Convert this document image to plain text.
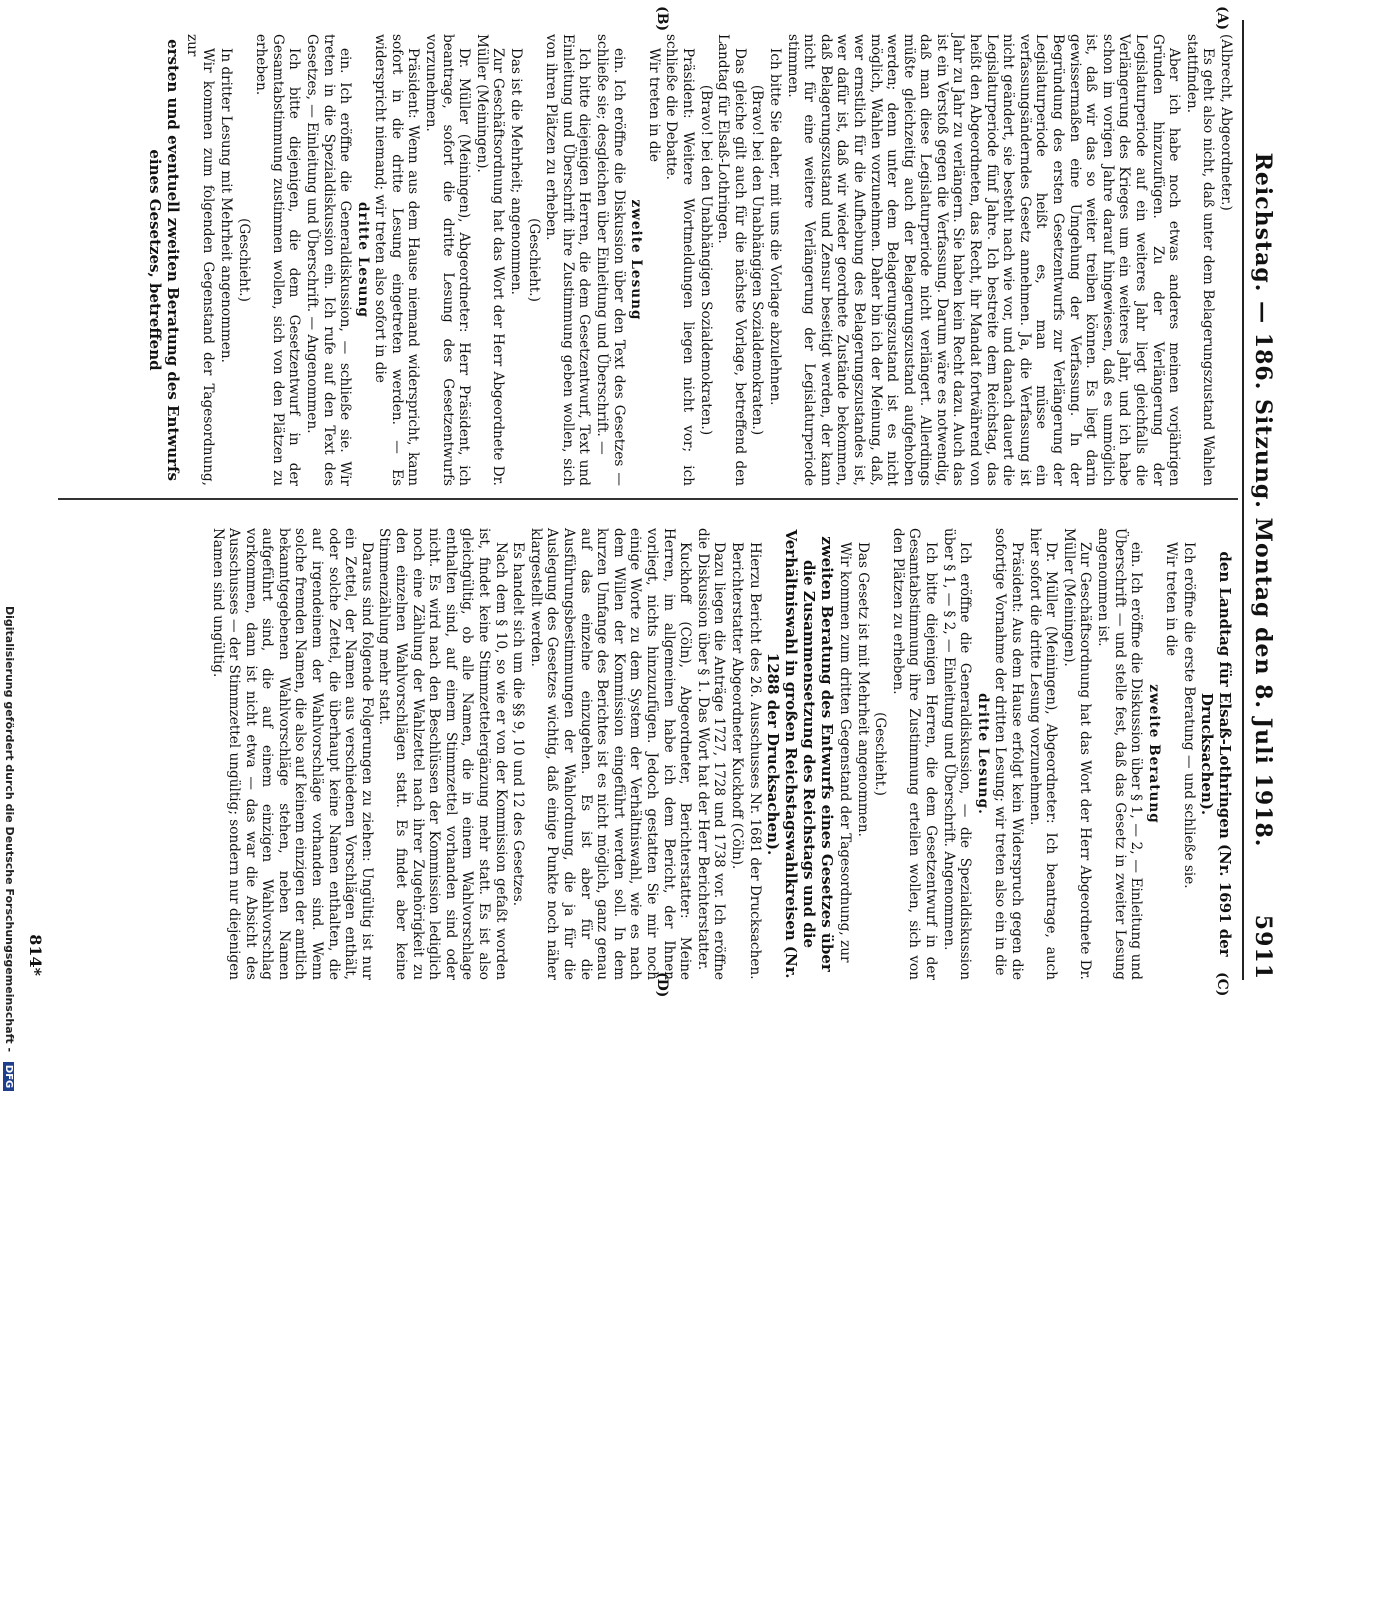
Reichstag. — 186. Sitzung. Montag den 8. Juli 1918.
5911
(A)
(B)
(C)
(D)

(Albrecht, Abgeordneter.)

Es geht also nicht, daß unter dem Belagerungszustand Wahlen stattfinden.

Aber ich habe noch etwas anderes meinen vorjährigen Gründen hinzuzufügen. Zu der Verlängerung der Legislaturperiode auf ein weiteres Jahr liegt gleichfalls die Verlängerung des Krieges um ein weiteres Jahr, und ich habe schon im vorigen Jahre darauf hingewiesen, daß es unmöglich ist, daß wir das so weiter treiben können. Es liegt darin gewissermaßen eine Umgehung der Verfassung. In der Begründung des ersten Gesetzentwurfs zur Verlängerung der Legislaturperiode heißt es, man müsse ein verfassungsänderndes Gesetz annehmen. Ja, die Verfassung ist nicht geändert, sie besteht nach wie vor, und danach dauert die Legislaturperiode fünf Jahre. Ich bestreite dem Reichstag, das heißt den Abgeordneten, das Recht, ihr Mandat fortwährend von Jahr zu Jahr zu verlängern. Sie haben kein Recht dazu. Auch das ist ein Verstoß gegen die Verfassung. Darum wäre es notwendig, daß man diese Legislaturperiode nicht verlängert. Allerdings müßte gleichzeitig auch der Belagerungszustand aufgehoben werden; denn unter dem Belagerungszustand ist es nicht möglich, Wahlen vorzunehmen. Daher bin ich der Meinung, daß, wer ernstlich für die Aufhebung des Belagerungszustandes ist, wer dafür ist, daß wir wieder geordnete Zustände bekommen, daß Belagerungszustand und Zensur beseitigt werden, der kann nicht für eine weitere Verlängerung der Legislaturperiode stimmen.

Ich bitte Sie daher, mit uns die Vorlage abzulehnen.

(Bravo! bei den Unabhängigen Sozialdemokraten.)

Das gleiche gilt auch für die nächste Vorlage, betreffend den Landtag für Elsaß-Lothringen.

(Bravo! bei den Unabhängigen Sozialdemokraten.)

Präsident: Weitere Wortmeldungen liegen nicht vor; ich schließe die Debatte.

Wir treten in die

zweite Lesung

ein. Ich eröffne die Diskussion über den Text des Gesetzes — schließe sie; desgleichen über Einleitung und Überschrift. —

Ich bitte diejenigen Herren, die dem Gesetzentwurf, Text und Einleitung und Überschrift ihre Zustimmung geben wollen, sich von ihren Plätzen zu erheben.

(Geschieht.)

Das ist die Mehrheit; angenommen.

Zur Geschäftsordnung hat das Wort der Herr Abgeordnete Dr. Müller (Meiningen).

Dr. Müller (Meiningen), Abgeordneter: Herr Präsident, ich beantrage, sofort die dritte Lesung des Gesetzentwurfs vorzunehmen.

Präsident: Wenn aus dem Hause niemand widerspricht, kann sofort in die dritte Lesung eingetreten werden. — Es widerspricht niemand; wir treten also sofort in die

dritte Lesung

ein. Ich eröffne die Generaldiskussion, — schließe sie. Wir treten in die Spezialdiskussion ein. Ich rufe auf den Text des Gesetzes, — Einleitung und Überschrift. — Angenommen.

Ich bitte diejenigen, die dem Gesetzentwurf in der Gesamtabstimmung zustimmen wollen, sich von den Plätzen zu erheben.

(Geschieht.)

In dritter Lesung mit Mehrheit angenommen.

Wir kommen zum folgenden Gegenstand der Tagesordnung, zur

ersten und eventuell zweiten Beratung des Entwurfs eines Gesetzes, betreffend

den Landtag für Elsaß-Lothringen (Nr. 1691 der Drucksachen).

Ich eröffne die erste Beratung — und schließe sie.

Wir treten in die

zweite Beratung

ein. Ich eröffne die Diskussion über § 1, — 2, — Einleitung und Überschrift — und stelle fest, daß das Gesetz in zweiter Lesung angenommen ist.

Zur Geschäftsordnung hat das Wort der Herr Abgeordnete Dr. Müller (Meiningen).

Dr. Müller (Meiningen), Abgeordneter: Ich beantrage, auch hier sofort die dritte Lesung vorzunehmen.

Präsident: Aus dem Hause erfolgt kein Widerspruch gegen die sofortige Vornahme der dritten Lesung; wir treten also ein in die

dritte Lesung.

Ich eröffne die Generaldiskussion, — die Spezialdiskussion über § 1, — § 2, — Einleitung und Überschrift. Angenommen.

Ich bitte diejenigen Herren, die dem Gesetzentwurf in der Gesamtabstimmung ihre Zustimmung erteilen wollen, sich von den Plätzen zu erheben.

(Geschieht.)

Das Gesetz ist mit Mehrheit angenommen.

Wir kommen zum dritten Gegenstand der Tagesordnung, zur

zweiten Beratung des Entwurfs eines Gesetzes über die Zusammensetzung des Reichstags und die Verhältniswahl in großen Reichstagswahlkreisen (Nr. 1288 der Drucksachen).

Hierzu Bericht des 26. Ausschusses Nr. 1681 der Drucksachen.

Berichterstatter Abgeordneter Kuckhoff (Cöln).

Dazu liegen die Anträge 1727, 1728 und 1738 vor. Ich eröffne die Diskussion über § 1. Das Wort hat der Herr Berichterstatter.

Kuckhoff (Cöln), Abgeordneter, Berichterstatter: Meine Herren, im allgemeinen habe ich dem Bericht, der Ihnen vorliegt, nichts hinzuzufügen. Jedoch gestatten Sie mir noch einige Worte zu dem System der Verhältniswahl, wie es nach dem Willen der Kommission eingeführt werden soll. In dem kurzen Umfange des Berichtes ist es nicht möglich, ganz genau auf das einzelne einzugehen. Es ist aber für die Ausführungsbestimmungen der Wahlordnung, die ja für die Auslegung des Gesetzes wichtig, daß einige Punkte noch näher klargestellt werden.

Es handelt sich um die §§ 9, 10 und 12 des Gesetzes.

Nach dem § 10, so wie er von der Kommission gefaßt worden ist, findet keine Stimmzettelergänzung mehr statt. Es ist also gleichgültig, ob alle Namen, die in einem Wahlvorschlage enthalten sind, auf einem Stimmzettel vorhanden sind oder nicht. Es wird nach den Beschlüssen der Kommission lediglich noch eine Zählung der Wahlzettel nach ihrer Zugehörigkeit zu den einzelnen Wahlvorschlägen statt. Es findet aber keine Stimmenzählung mehr statt.

Daraus sind folgende Folgerungen zu ziehen: Ungültig ist nur ein Zettel, der Namen aus verschiedenen Vorschlägen enthält, oder solche Zettel, die überhaupt keine Namen enthalten, die auf irgendeinem der Wahlvorschläge vorhanden sind. Wenn solche fremden Namen, die also auf keinem einzigen der amtlich bekanntgegebenen Wahlvorschläge stehen, neben Namen aufgeführt sind, die auf einem einzigen Wahlvorschlag vorkommen, dann ist nicht etwa — das war die Absicht des Ausschusses — der Stimmzettel ungültig; sondern nur diejenigen Namen sind ungültig.

814*
Digitalisierung gefördert durch die Deutsche Forschungsgemeinschaft - DFG
